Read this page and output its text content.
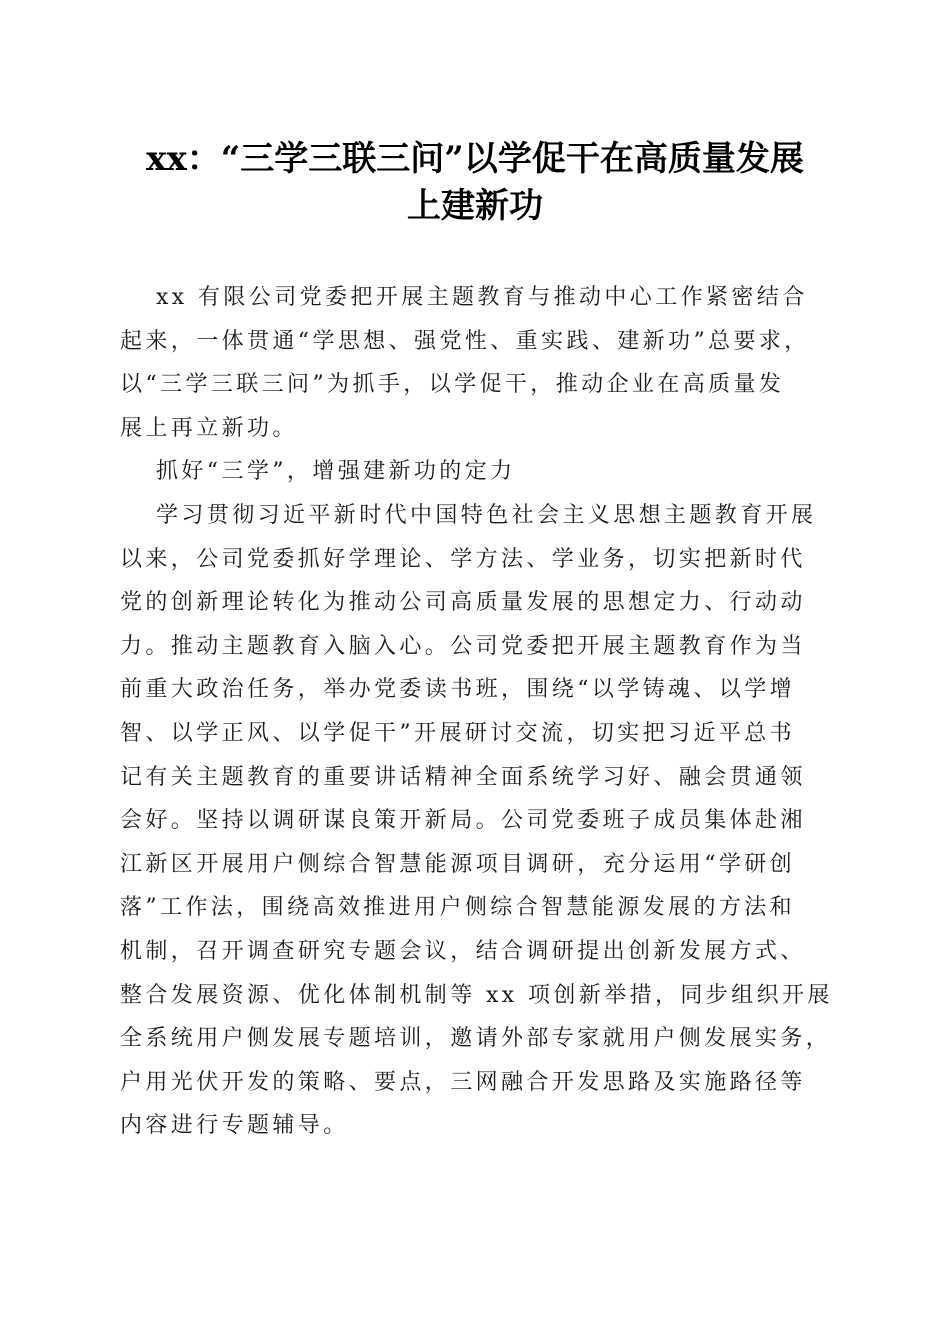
xx：“三学三联三问”以学促干在高质量发展
上建新功
xx 有限公司党委把开展主题教育与推动中心工作紧密结合
起来，一体贯通“学思想、强党性、重实践、建新功”总要求，
以“三学三联三问”为抓手，以学促干，推动企业在高质量发
展上再立新功。
抓好“三学”，增强建新功的定力
学习贯彻习近平新时代中国特色社会主义思想主题教育开展
以来，公司党委抓好学理论、学方法、学业务，切实把新时代
党的创新理论转化为推动公司高质量发展的思想定力、行动动
力。推动主题教育入脑入心。公司党委把开展主题教育作为当
前重大政治任务，举办党委读书班，围绕“以学铸魂、以学增
智、以学正风、以学促干”开展研讨交流，切实把习近平总书
记有关主题教育的重要讲话精神全面系统学习好、融会贯通领
会好。坚持以调研谋良策开新局。公司党委班子成员集体赴湘
江新区开展用户侧综合智慧能源项目调研，充分运用“学研创
落”工作法，围绕高效推进用户侧综合智慧能源发展的方法和
机制，召开调查研究专题会议，结合调研提出创新发展方式、
整合发展资源、优化体制机制等 xx 项创新举措，同步组织开展
全系统用户侧发展专题培训，邀请外部专家就用户侧发展实务，
户用光伏开发的策略、要点，三网融合开发思路及实施路径等
内容进行专题辅导。
